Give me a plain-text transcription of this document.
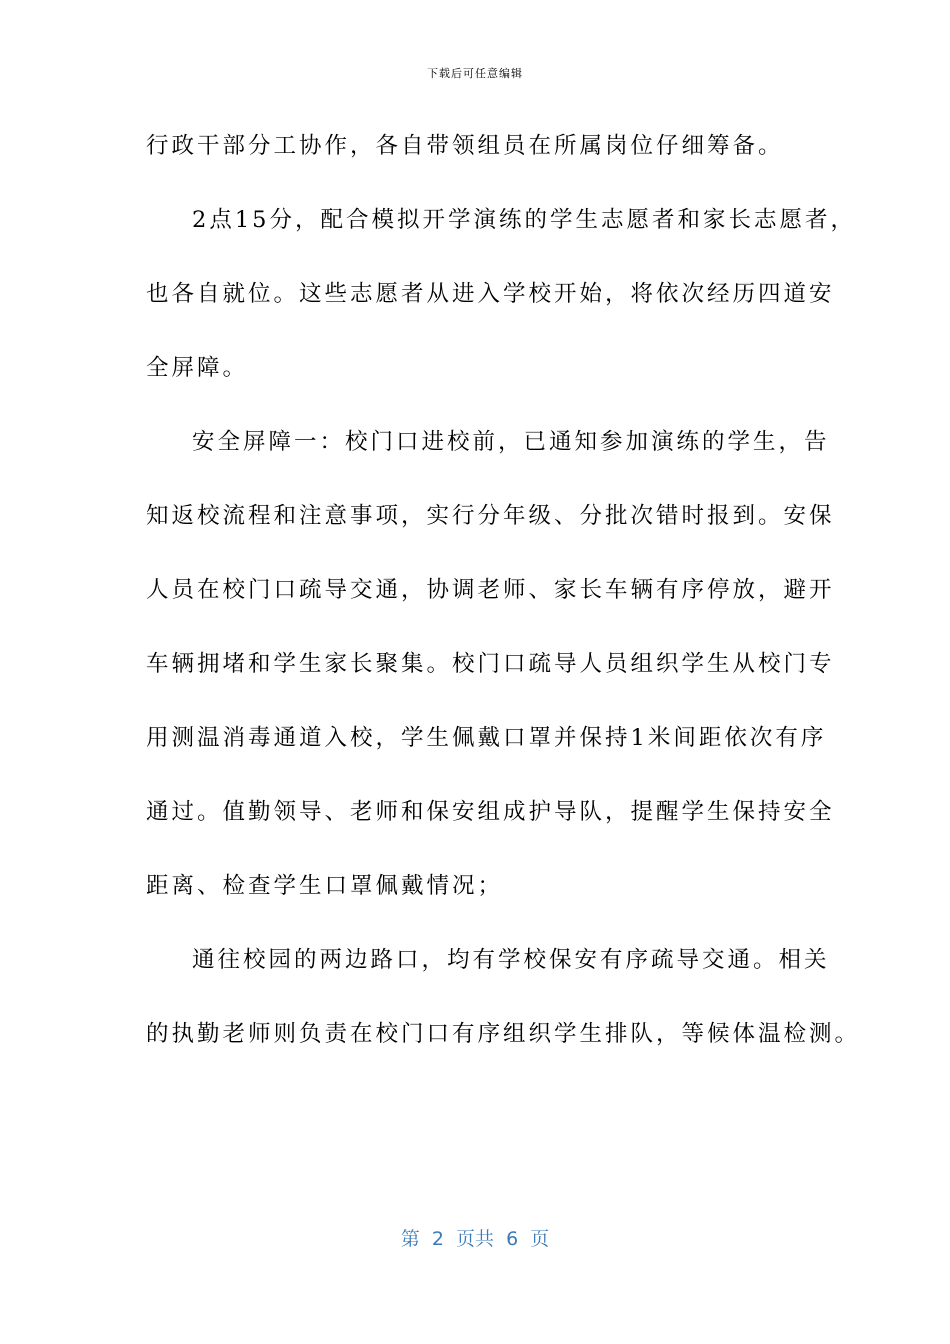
下载后可任意编辑
行政干部分工协作，各自带领组员在所属岗位仔细筹备。
2点15分，配合模拟开学演练的学生志愿者和家长志愿者，
也各自就位。这些志愿者从进入学校开始，将依次经历四道安
全屏障。
安全屏障一：校门口进校前，已通知参加演练的学生，告
知返校流程和注意事项，实行分年级、分批次错时报到。安保
人员在校门口疏导交通，协调老师、家长车辆有序停放，避开
车辆拥堵和学生家长聚集。校门口疏导人员组织学生从校门专
用测温消毒通道入校，学生佩戴口罩并保持1米间距依次有序
通过。值勤领导、老师和保安组成护导队，提醒学生保持安全
距离、检查学生口罩佩戴情况；
通往校园的两边路口，均有学校保安有序疏导交通。相关
的执勤老师则负责在校门口有序组织学生排队，等候体温检测。
第  2  页共  6  页
